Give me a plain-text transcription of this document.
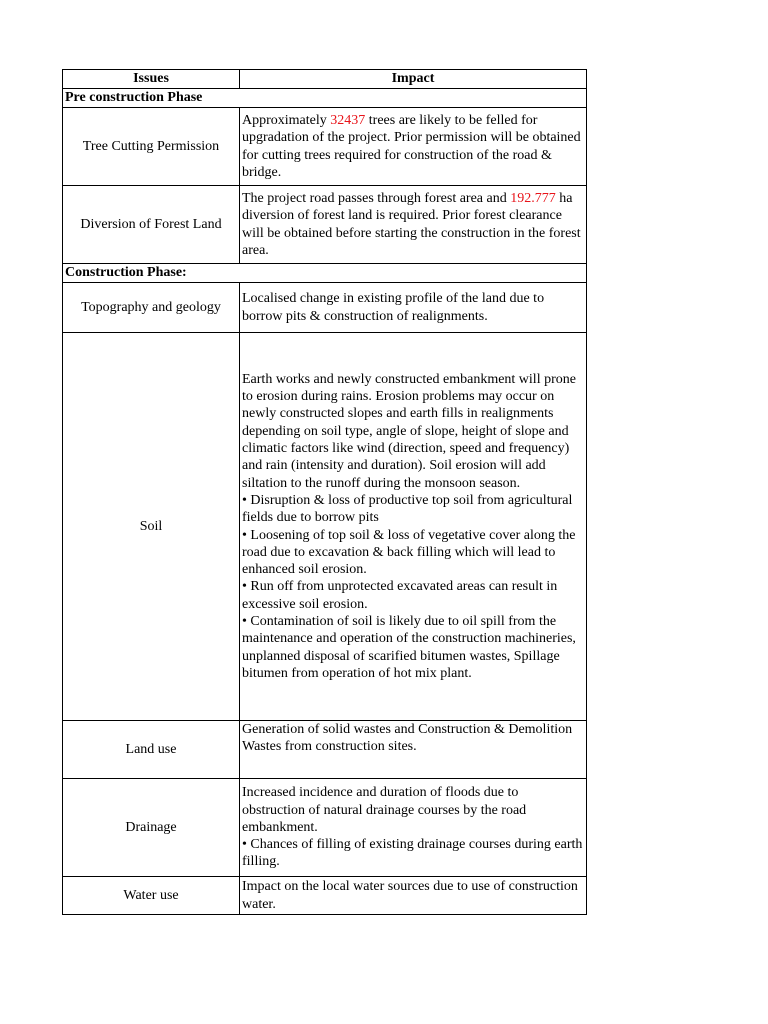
Issues	Impact
Pre construction Phase	
Tree Cutting Permission	Approximately 32437 trees are likely to be felled for upgradation of the project. Prior permission will be obtained for cutting trees required for construction of the road & bridge.
Diversion of Forest Land	The project road passes through forest area and 192.777 ha diversion of forest land is required. Prior forest clearance will be obtained before starting the construction in the forest area.
Construction Phase:	
Topography and geology	Localised change in existing profile of the land due to borrow pits & construction of realignments.
Soil	Earth works and newly constructed embankment will prone to erosion during rains. Erosion problems may occur on newly constructed slopes and earth fills in realignments depending on soil type, angle of slope, height of slope and climatic factors like wind (direction, speed and frequency) and rain (intensity and duration). Soil erosion will add siltation to the runoff during the monsoon season.
• Disruption & loss of productive top soil from agricultural fields due to borrow pits
• Loosening of top soil & loss of vegetative cover along the road due to excavation & back filling which will lead to enhanced soil erosion.
• Run off from unprotected excavated areas can result in excessive soil erosion.
• Contamination of soil is likely due to oil spill from the maintenance and operation of the construction machineries, unplanned disposal of scarified bitumen wastes, Spillage bitumen from operation of hot mix plant.

Land use	Generation of solid wastes and Construction & Demolition Wastes from construction sites.
Drainage	Increased incidence and duration of floods due to obstruction of natural drainage courses by the road embankment.
• Chances of filling of existing drainage courses during earth filling.

Water use	Impact on the local water sources due to use of construction water.
